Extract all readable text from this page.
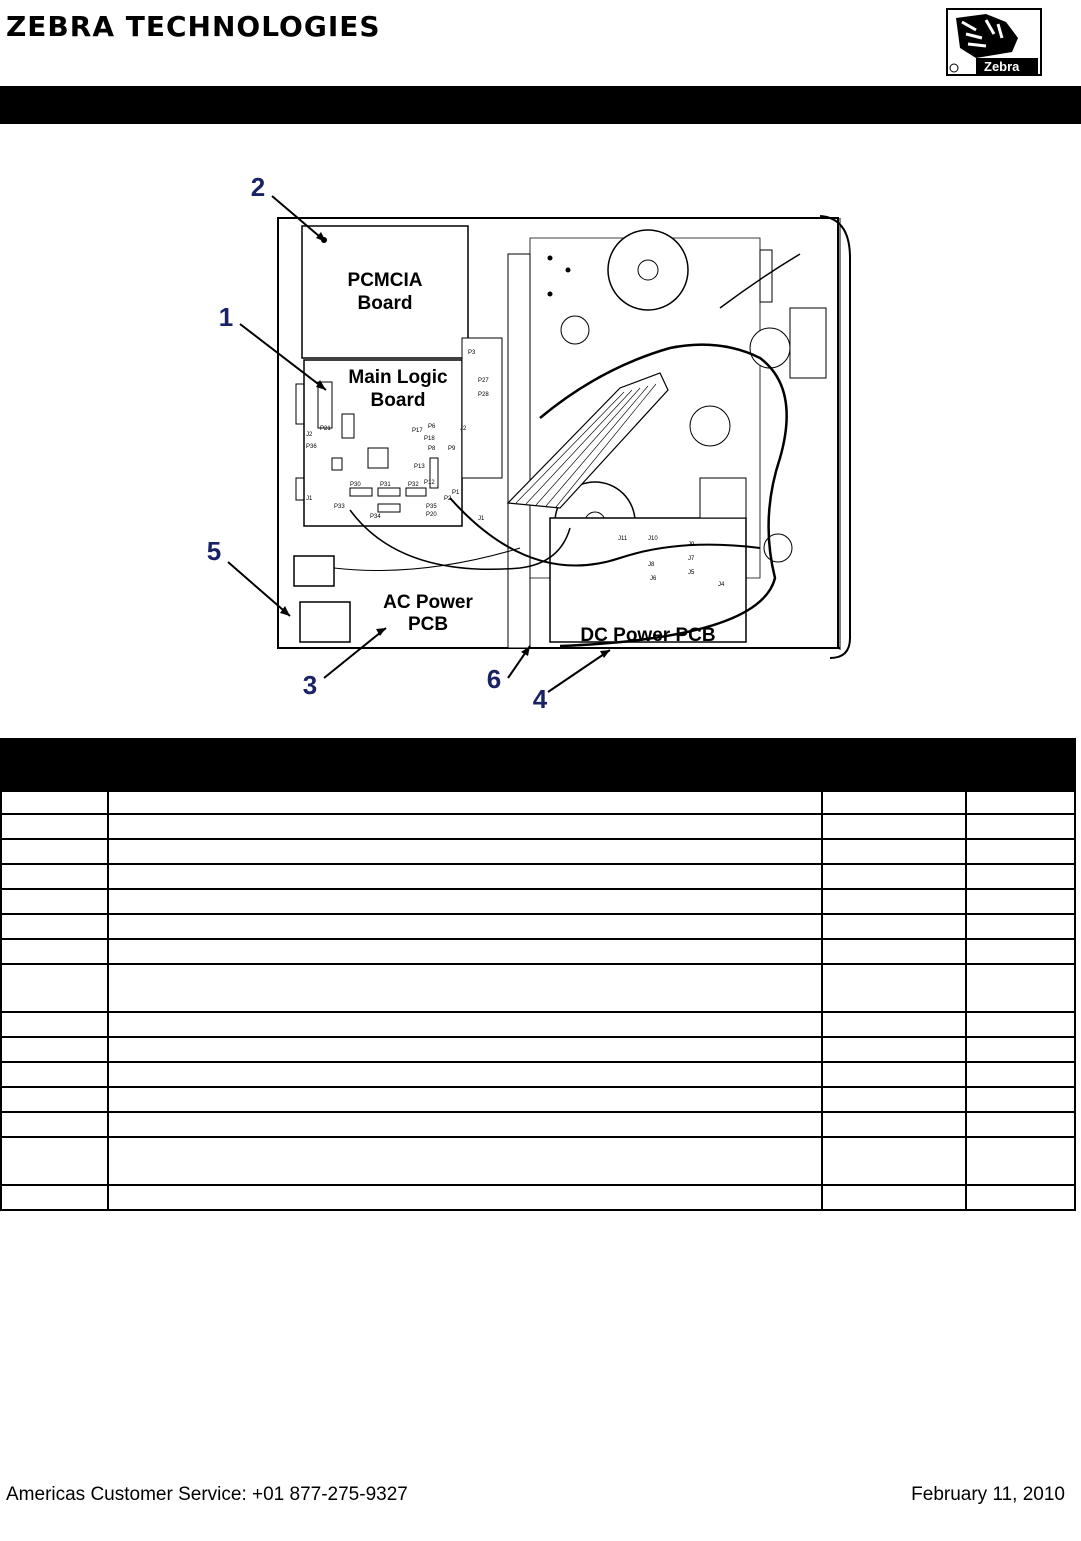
ZEBRA TECHNOLOGIES
Zebra
PCMCIA
Board
Main Logic
Board
P3
P27
P28
P17
P6
P18
P8 P9
P13
P12
P1
P2
P30	P31	P32
P33
P34
P35
P20
J2
J1
P21
P36
J2
J1
DC Power PCB
J11	J10
J9
J8
J7
J6
J5
J4
AC Power
PCB
2
1
5
3	6
4

Americas Customer Service: +01 877-275-9327	February 11, 2010
